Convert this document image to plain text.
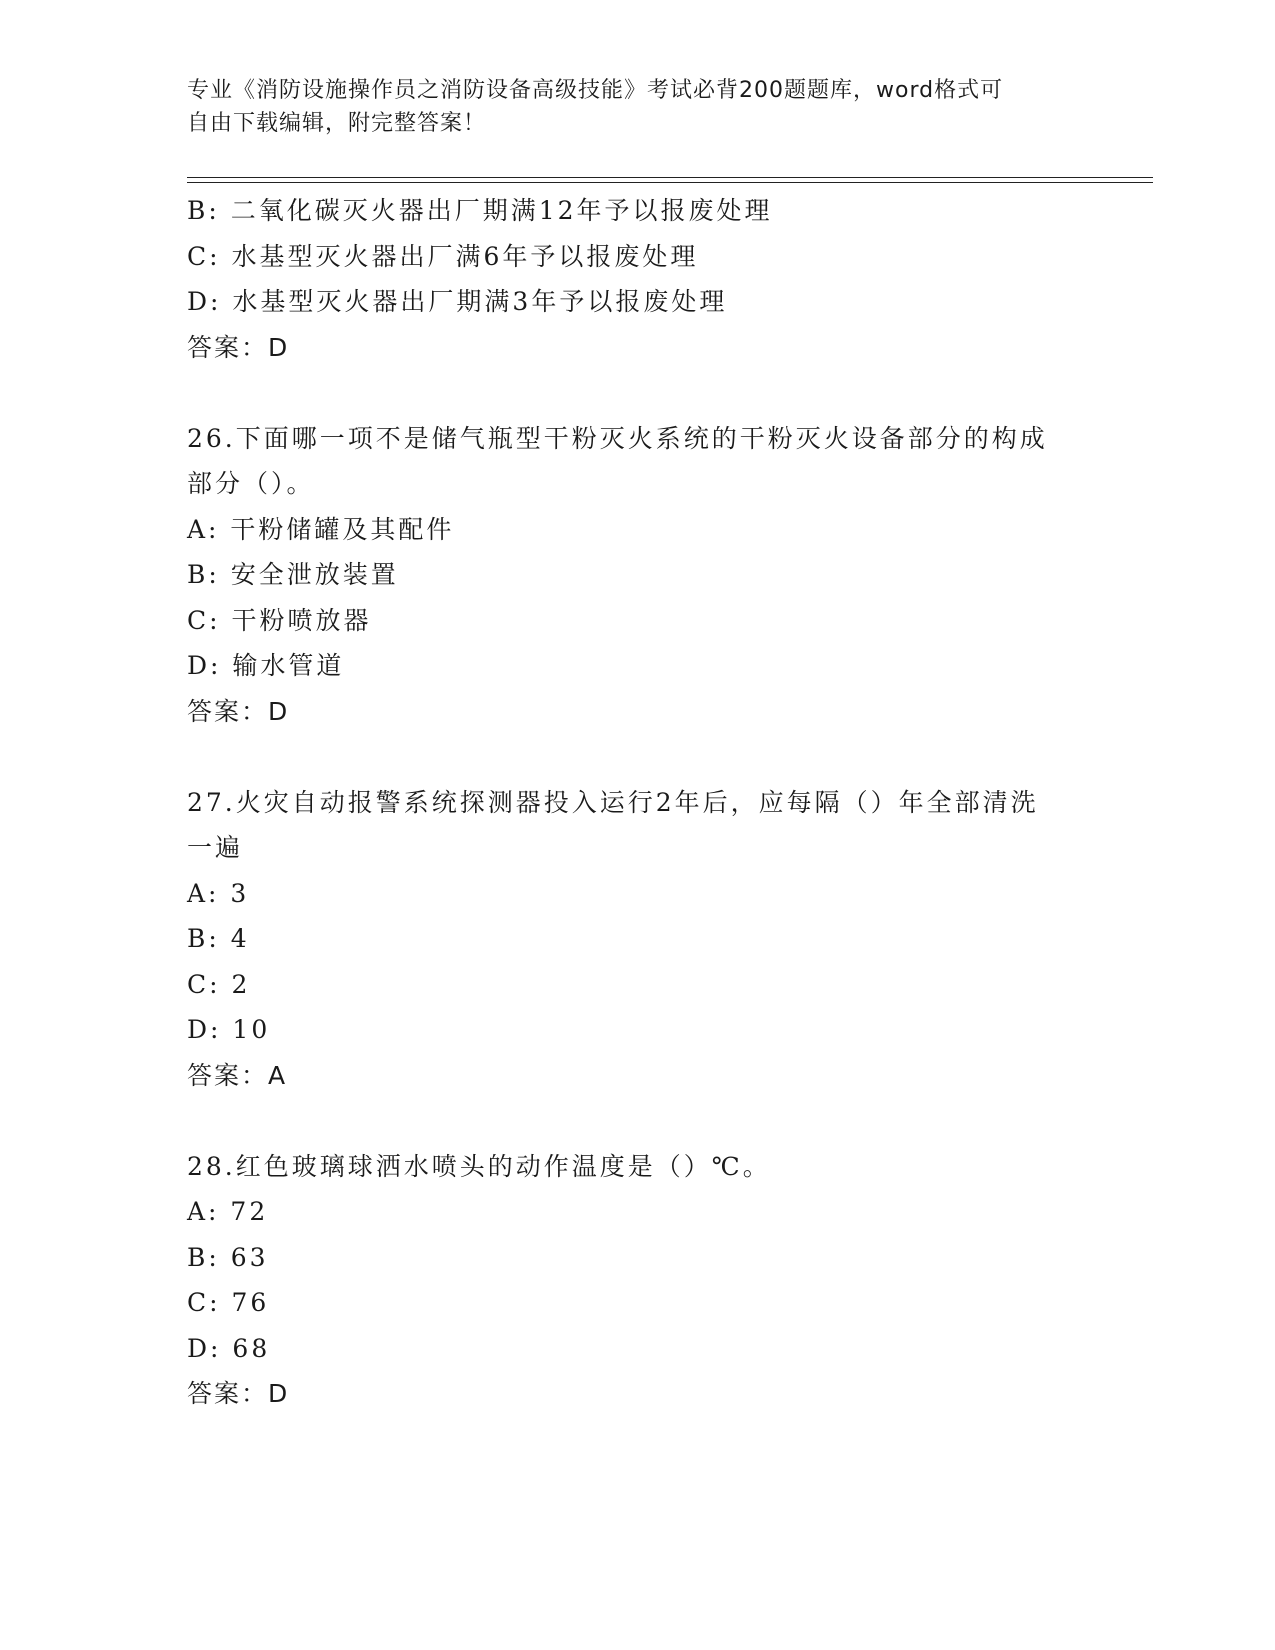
专业《消防设施操作员之消防设备高级技能》考试必背200题题库，word格式可
自由下载编辑，附完整答案！
B: 二氧化碳灭火器出厂期满12年予以报废处理
C: 水基型灭火器出厂满6年予以报废处理
D: 水基型灭火器出厂期满3年予以报废处理
答案：D
26.下面哪一项不是储气瓶型干粉灭火系统的干粉灭火设备部分的构成
部分（）。
A: 干粉储罐及其配件
B: 安全泄放装置
C: 干粉喷放器
D: 输水管道
答案：D
27.火灾自动报警系统探测器投入运行2年后，应每隔（）年全部清洗
一遍
A: 3
B: 4
C: 2
D: 10
答案：A
28.红色玻璃球洒水喷头的动作温度是（）℃。
A: 72
B: 63
C: 76
D: 68
答案：D
